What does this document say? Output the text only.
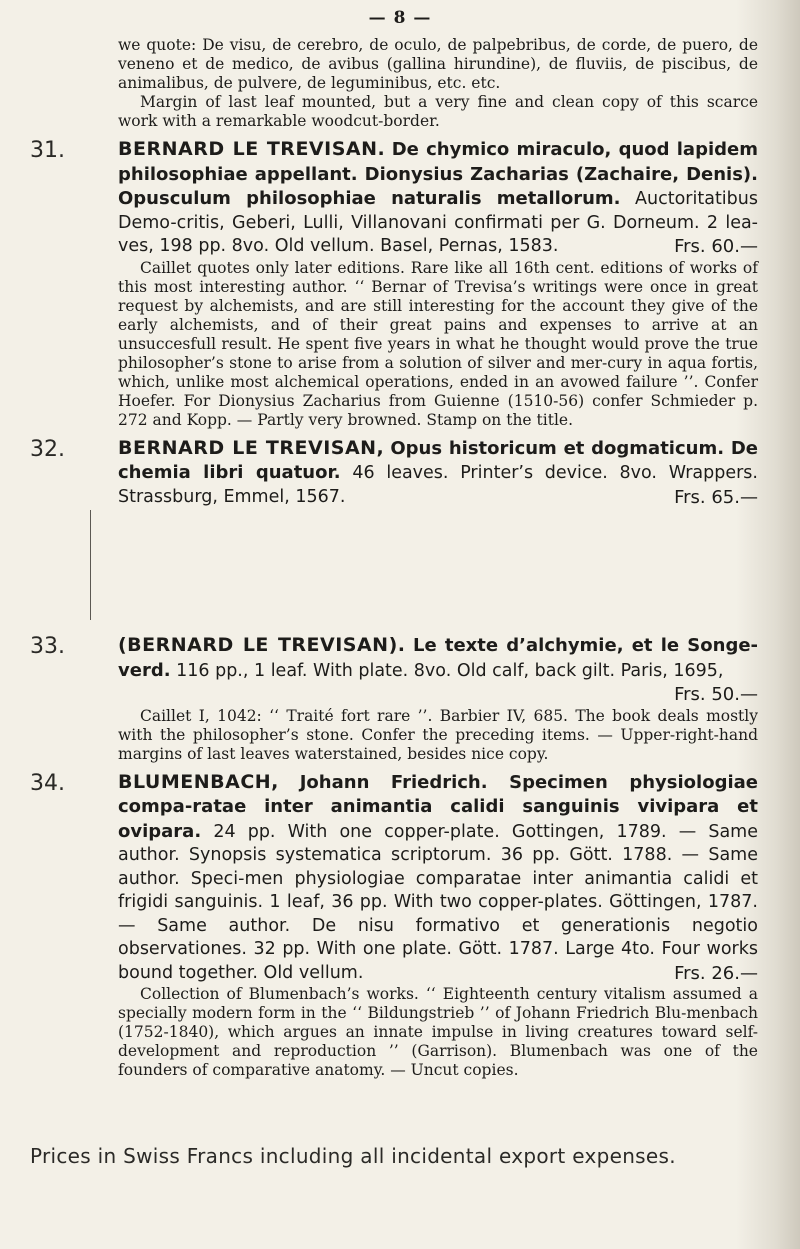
— 8 —

we quote: De visu, de cerebro, de oculo, de palpebribus, de corde, de puero, de veneno et de medico, de avibus (gallina hirundine), de fluviis, de piscibus, de animalibus, de pulvere, de leguminibus, etc. etc.

Margin of last leaf mounted, but a very fine and clean copy of this scarce work with a remarkable woodcut-border.

31.	BERNARD LE TREVISAN. De chymico miraculo, quod lapidem philosophiae appellant. Dionysius Zacharias (Zachaire, Denis). Opusculum philosophiae naturalis metallorum. Auctoritatibus Demo-critis, Geberi, Lulli, Villanovani confirmati per G. Dorneum. 2 lea-ves, 198 pp. 8vo. Old vellum. Basel, Pernas, 1583.	Frs. 60.—

Caillet quotes only later editions. Rare like all 16th cent. editions of works of this most interesting author. ‘‘ Bernar of Trevisa’s writings were once in great request by alchemists, and are still interesting for the account they give of the early alchemists, and of their great pains and expenses to arrive at an unsuccesfull result. He spent five years in what he thought would prove the true philosopher’s stone to arise from a solution of silver and mer-cury in aqua fortis, which, unlike most alchemical operations, ended in an avowed failure ’’. Confer Hoefer. For Dionysius Zacharius from Guienne (1510-56) confer Schmieder p. 272 and Kopp. — Partly very browned. Stamp on the title.

32.	BERNARD LE TREVISAN, Opus historicum et dogmaticum. De chemia libri quatuor. 46 leaves. Printer’s device. 8vo. Wrappers. Strassburg, Emmel, 1567.	Frs. 65.—

33.	(BERNARD LE TREVISAN). Le texte d’alchymie, et le Songe-verd. 116 pp., 1 leaf. With plate. 8vo. Old calf, back gilt. Paris, 1695,
Frs. 50.—

Caillet I, 1042: ‘‘ Traité fort rare ’’. Barbier IV, 685. The book deals mostly with the philosopher’s stone. Confer the preceding items. — Upper-right-hand margins of last leaves waterstained, besides nice copy.

34.	BLUMENBACH, Johann Friedrich. Specimen physiologiae compa-ratae inter animantia calidi sanguinis vivipara et ovipara. 24 pp. With one copper-plate. Gottingen, 1789. — Same author. Synopsis systematica scriptorum. 36 pp. Gött. 1788. — Same author. Speci-men physiologiae comparatae inter animantia calidi et frigidi sanguinis. 1 leaf, 36 pp. With two copper-plates. Göttingen, 1787. — Same author. De nisu formativo et generationis negotio observationes. 32 pp. With one plate. Gött. 1787. Large 4to. Four works bound together. Old vellum.	Frs. 26.—

Collection of Blumenbach’s works. ‘‘ Eighteenth century vitalism assumed a specially modern form in the ‘‘ Bildungstrieb ’’ of Johann Friedrich Blu-menbach (1752-1840), which argues an innate impulse in living creatures toward self-development and reproduction ’’ (Garrison). Blumenbach was one of the founders of comparative anatomy. — Uncut copies.

Prices in Swiss Francs including all incidental export expenses.
